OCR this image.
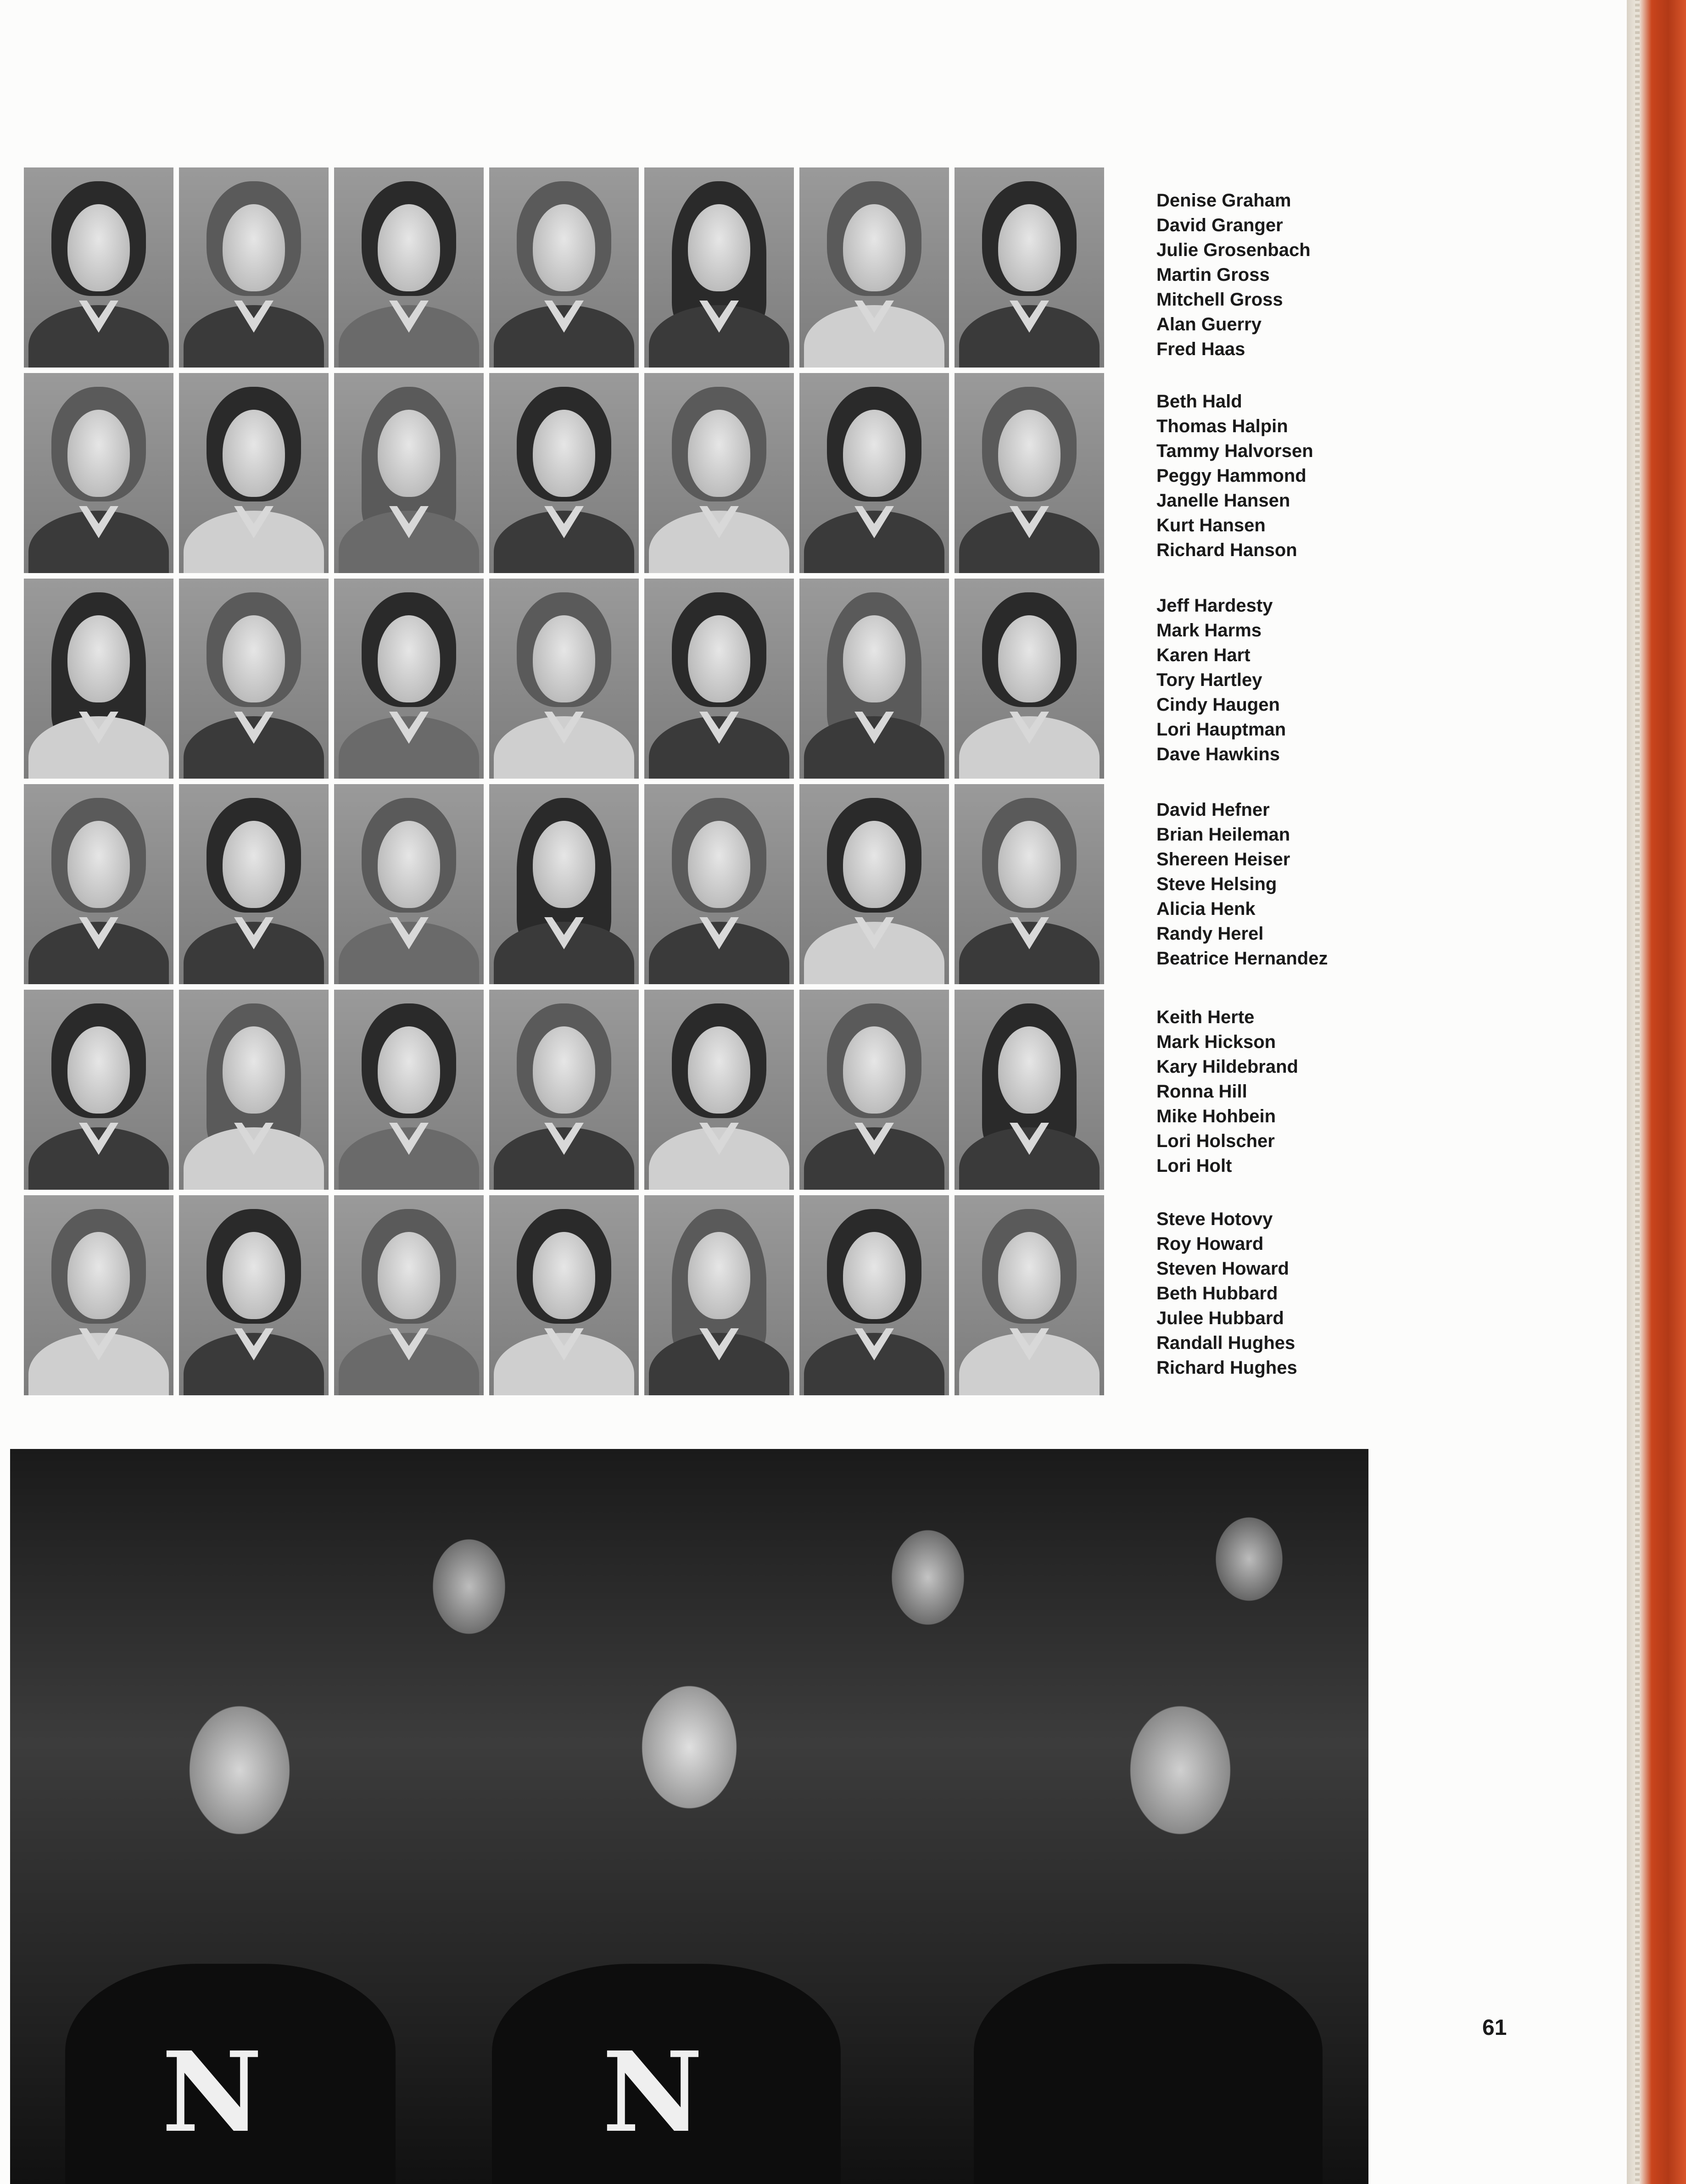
Denise Graham
David Granger
Julie Grosenbach
Martin Gross
Mitchell Gross
Alan Guerry
Fred Haas
Beth Hald
Thomas Halpin
Tammy Halvorsen
Peggy Hammond
Janelle Hansen
Kurt Hansen
Richard Hanson
Jeff Hardesty
Mark Harms
Karen Hart
Tory Hartley
Cindy Haugen
Lori Hauptman
Dave Hawkins
David Hefner
Brian Heileman
Shereen Heiser
Steve Helsing
Alicia Henk
Randy Herel
Beatrice Hernandez
Keith Herte
Mark Hickson
Kary Hildebrand
Ronna Hill
Mike Hohbein
Lori Holscher
Lori Holt
Steve Hotovy
Roy Howard
Steven Howard
Beth Hubbard
Julee Hubbard
Randall Hughes
Richard Hughes
N	N	61
